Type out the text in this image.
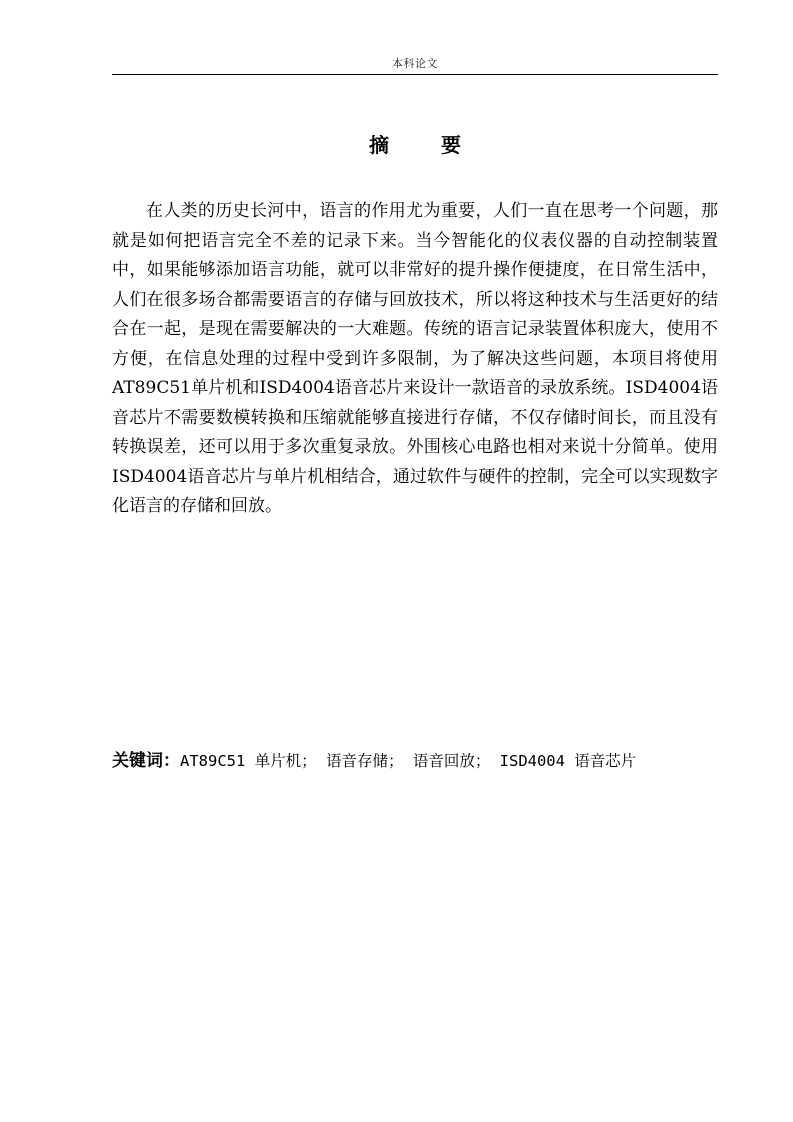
本科论文
摘	要

在人类的历史长河中，语言的作用尤为重要，人们一直在思考一个问题，那就是如何把语言完全不差的记录下来。当今智能化的仪表仪器的自动控制装置中，如果能够添加语言功能，就可以非常好的提升操作便捷度，在日常生活中，人们在很多场合都需要语言的存储与回放技术，所以将这种技术与生活更好的结合在一起，是现在需要解决的一大难题。传统的语言记录装置体积庞大，使用不方便，在信息处理的过程中受到许多限制，为了解决这些问题，本项目将使用AT89C51单片机和ISD4004语音芯片来设计一款语音的录放系统。ISD4004语音芯片不需要数模转换和压缩就能够直接进行存储，不仅存储时间长，而且没有转换误差，还可以用于多次重复录放。外围核心电路也相对来说十分简单。使用ISD4004语音芯片与单片机相结合，通过软件与硬件的控制，完全可以实现数字化语言的存储和回放。

关键词：AT89C51 单片机； 语音存储； 语音回放； ISD4004 语音芯片
